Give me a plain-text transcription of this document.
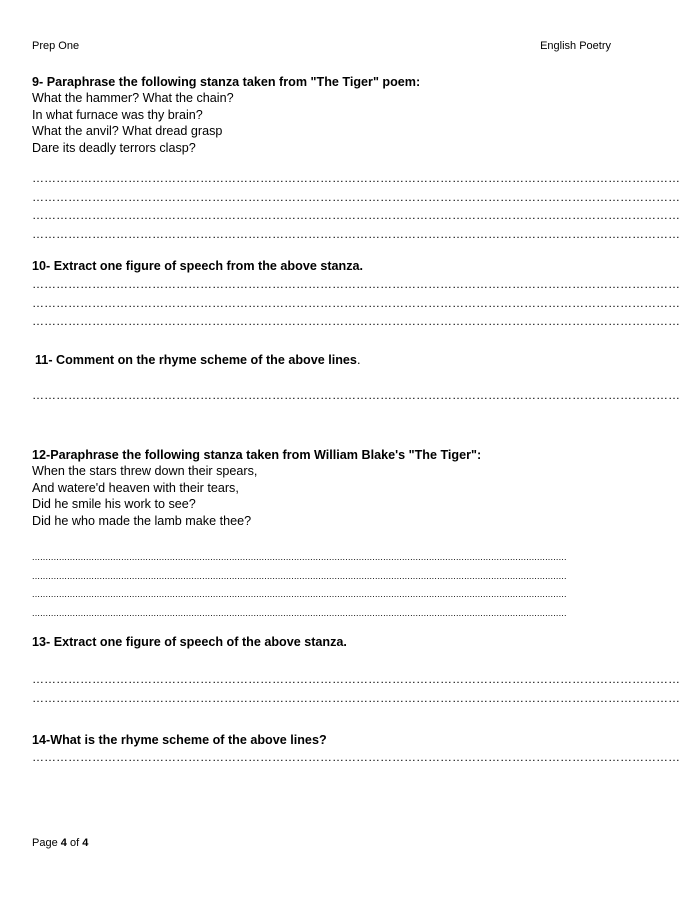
Prep One	English Poetry
9- Paraphrase the following stanza taken from "The Tiger" poem:
What the hammer? What the chain?
In what furnace was thy brain?
What the anvil? What dread grasp
Dare its deadly terrors clasp?
………………………………………………………………………………………………………………………………………………
………………………………………………………………………………………………………………………………………………
………………………………………………………………………………………………………………………………………………
………………………………………………………………………………………………………………………………………………
10- Extract one figure of speech from the above stanza.
………………………………………………………………………………………………………………………………………………
………………………………………………………………………………………………………………………………………………
………………………………………………………………………………………………………………………………………………
11- Comment on the rhyme scheme of the above lines.
………………………………………………………………………………………………………………………………………………
12-Paraphrase the following stanza taken from William Blake's "The Tiger":
When the stars threw down their spears,
And watere'd heaven with their tears,
Did he smile his work to see?
Did he who made the lamb make thee?
......................................................................................................................................................................................................
......................................................................................................................................................................................................
......................................................................................................................................................................................................
......................................................................................................................................................................................................
13- Extract one figure of speech of the above stanza.
………………………………………………………………………………………………………………………………………………
………………………………………………………………………………………………………………………………………………
14-What is the rhyme scheme of the above lines?
………………………………………………………………………………………………………………………………………………
Page 4 of 4
